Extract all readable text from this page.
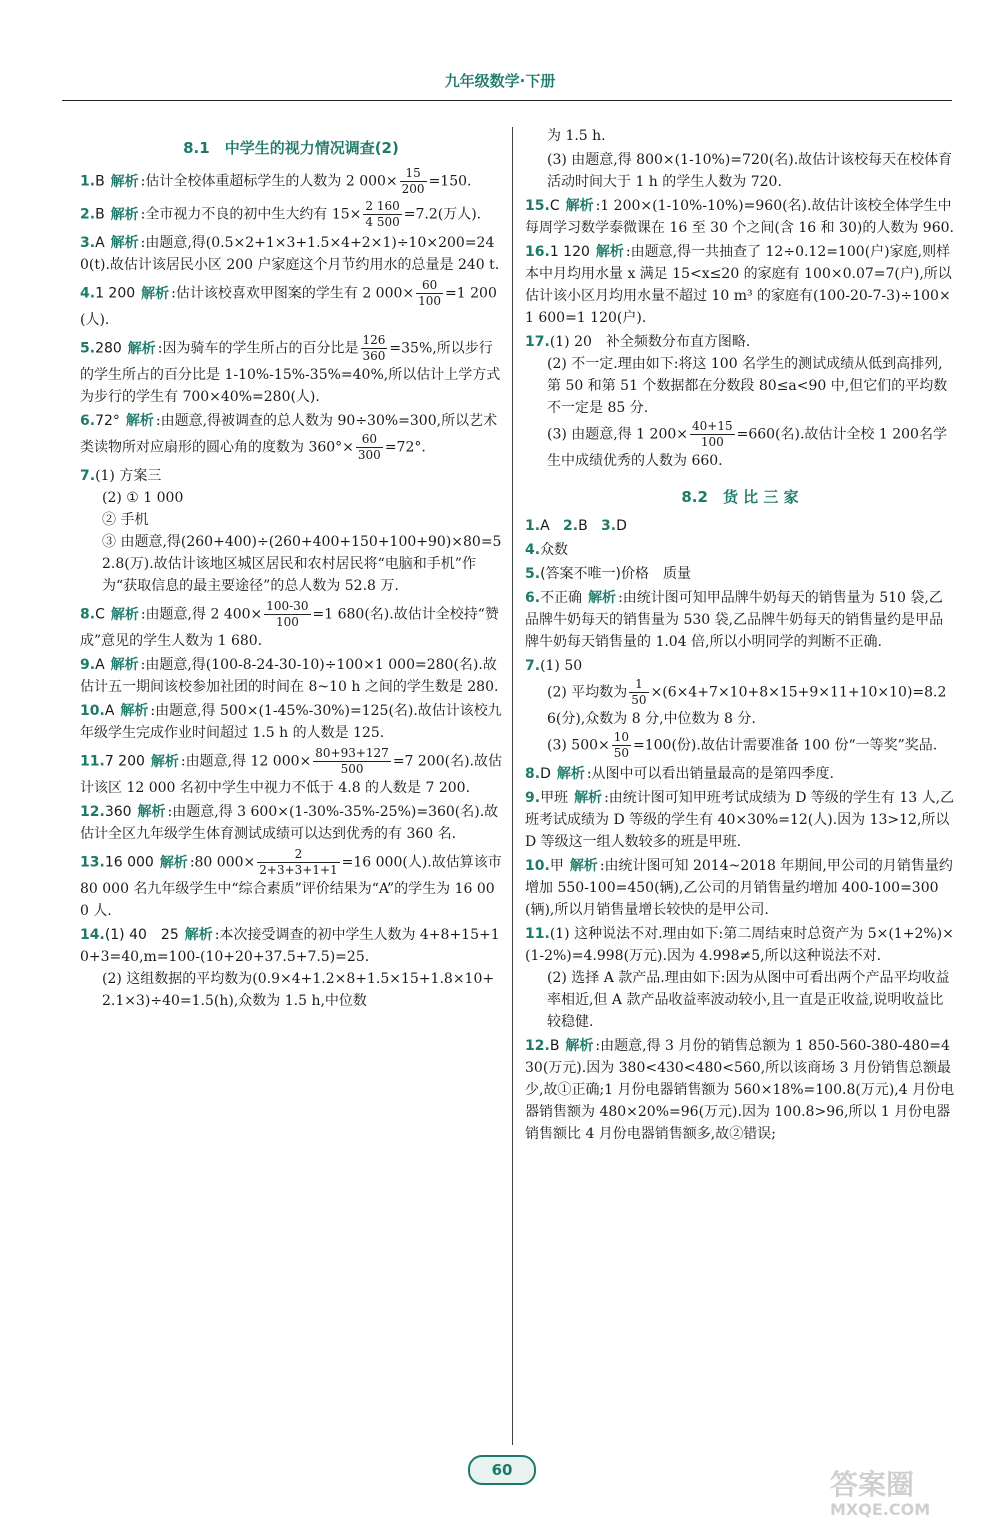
九年级数学·下册
8.1　中学生的视力情况调查(2)
1.B 解析 :估计全校体重超标学生的人数为 2 $000\times \frac{15}{200} =150$.
2.B 解析 :全市视力不良的初中生大约有 $15\times \frac{2 160}{4 500} =7.2$(万人).
3.A 解析 :由题意,得(0.5×2+1×3+1.5×4+2×1)÷10×200=240(t).故估计该居民小区 200 户家庭这个月节约用水的总量是 240 t.
4.1 200 解析 :估计该校喜欢甲图案的学生有 2 $000\times \frac{60}{100} =1$ 200(人).
5.280 解析 :因为骑车的学生所占的百分比是 $\frac{126}{360} =35\%$,所以步行的学生所占的百分比是 1-10%-15%-35%=40%,所以估计上学方式为步行的学生有 700×40%=280(人).
6.72° 解析 :由题意,得被调查的总人数为 90÷30%=300,所以艺术类读物所对应扇形的圆心角的度数为 $360^\circ\times \frac{60}{300} =72^\circ$.
7.(1) 方案三
(2) ① 1 000
② 手机
③ 由题意,得(260+400)÷(260+400+150+100+90)×80=52.8(万).故估计该地区城区居民和农村居民将“电脑和手机”作为“获取信息的最主要途径”的总人数为 52.8 万.
8.C 解析 :由题意,得 2 $400\times \frac{100-30}{100} =1$ 680(名).故估计全校持“赞成”意见的学生人数为 1 680.
9.A 解析 :由题意,得(100-8-24-30-10)÷100×1 000=280(名).故估计五一期间该校参加社团的时间在 8~10 h 之间的学生数是 280.
10.A 解析 :由题意,得 500×(1-45%-30%)=125(名).故估计该校九年级学生完成作业时间超过 1.5 h 的人数是 125.
11.7 200 解析 :由题意,得 12 $000\times \frac{80+93+127}{500} =7$ 200(名).故估计该区 12 000 名初中学生中视力不低于 4.8 的人数是 7 200.
12.360 解析 :由题意,得 3 600×(1-30%-35%-25%)=360(名).故估计全区九年级学生体育测试成绩可以达到优秀的有 360 名.
13.16 000 解析 :80 $000\times \frac{2}{2+3+3+1+1} =16$ 000(人).故估算该市 80 000 名九年级学生中“综合素质”评价结果为“A”的学生为 16 000 人.
14.(1) 40　25 解析 :本次接受调查的初中学生人数为 4+8+15+10+3=40,m=100-(10+20+37.5+7.5)=25.
(2) 这组数据的平均数为(0.9×4+1.2×8+1.5×15+1.8×10+2.1×3)÷40=1.5(h),众数为 1.5 h,中位数
为 1.5 h.
(3) 由题意,得 800×(1-10%)=720(名).故估计该校每天在校体育活动时间大于 1 h 的学生人数为 720.
15.C 解析 :1 200×(1-10%-10%)=960(名).故估计该校全体学生中每周学习数学泰微课在 16 至 30 个之间(含 16 和 30)的人数为 960.
16.1 120 解析 :由题意,得一共抽查了 12÷0.12=100(户)家庭,则样本中月均用水量 x 满足 15<x≤20 的家庭有 100×0.07=7(户),所以估计该小区月均用水量不超过 10 m³ 的家庭有(100-20-7-3)÷100×1 600=1 120(户).
17.(1) 20　补全频数分布直方图略.
(2) 不一定.理由如下:将这 100 名学生的测试成绩从低到高排列,第 50 和第 51 个数据都在分数段 80≤a<90 中,但它们的平均数不一定是 85 分.
(3) 由题意,得 1 $200\times \frac{40+15}{100} =660$(名).故估计全校 1 200名学生中成绩优秀的人数为 660.
8.2　货 比 三 家
1.A 2.B 3.D
4.众数
5.(答案不唯一)价格　质量
6.不正确 解析 :由统计图可知甲品牌牛奶每天的销售量为 510 袋,乙品牌牛奶每天的销售量为 530 袋,乙品牌牛奶每天的销售量约是甲品牌牛奶每天销售量的 1.04 倍,所以小明同学的判断不正确.
7.(1) 50
(2) 平均数为 $\frac{1}{50} \times(6\times 4+7\times 10+8\times 15+9\times 11+10\times 10)=8.26$(分),众数为 8 分,中位数为 8 分.
(3) $500\times \frac{10}{50} =100$(份).故估计需要准备 100 份“一等奖”奖品.
8.D 解析 :从图中可以看出销量最高的是第四季度.
9.甲班 解析 :由统计图可知甲班考试成绩为 D 等级的学生有 13 人,乙班考试成绩为 D 等级的学生有 40×30%=12(人).因为 13>12,所以 D 等级这一组人数较多的班是甲班.
10.甲 解析 :由统计图可知 2014~2018 年期间,甲公司的月销售量约增加 550-100=450(辆),乙公司的月销售量约增加 400-100=300(辆),所以月销售量增长较快的是甲公司.
11.(1) 这种说法不对.理由如下:第二周结束时总资产为 5×(1+2%)×(1-2%)=4.998(万元).因为 4.998≠5,所以这种说法不对.
(2) 选择 A 款产品.理由如下:因为从图中可看出两个产品平均收益率相近,但 A 款产品收益率波动较小,且一直是正收益,说明收益比较稳健.
12.B 解析 :由题意,得 3 月份的销售总额为 1 850-560-380-480=430(万元).因为 380<430<480<560,所以该商场 3 月份销售总额最少,故①正确;1 月份电器销售额为 560×18%=100.8(万元),4 月份电器销售额为 480×20%=96(万元).因为 100.8>96,所以 1 月份电器销售额比 4 月份电器销售额多,故②错误;
60	答案圈
MXQE.COM
